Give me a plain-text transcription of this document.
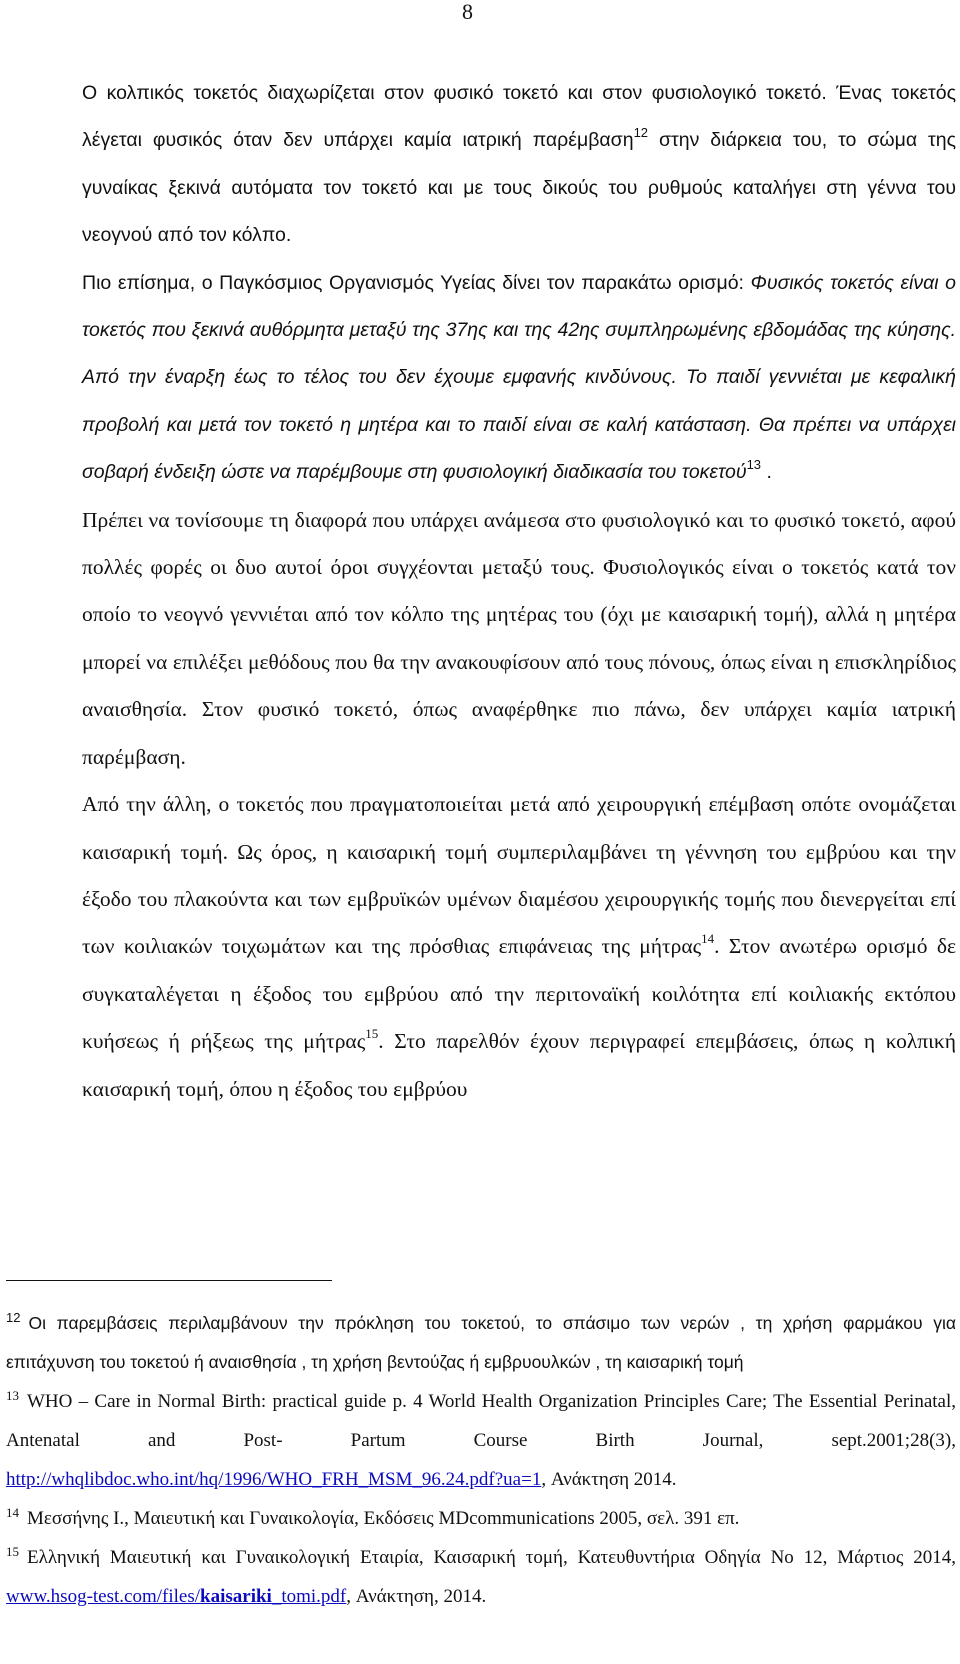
8

Ο κολπικός τοκετός διαχωρίζεται στον φυσικό τοκετό και στον φυσιολογικό τοκετό. Ένας τοκετός λέγεται φυσικός όταν δεν υπάρχει καμία ιατρική παρέμβαση$^{12}$ στην διάρκεια του, το σώμα της γυναίκας ξεκινά αυτόματα τον τοκετό και με τους δικούς του ρυθμούς καταλήγει στη γέννα του νεογνού από τον κόλπο.

Πιο επίσημα, ο Παγκόσμιος Οργανισμός Υγείας δίνει τον παρακάτω ορισμό: Φυσικός τοκετός είναι ο τοκετός που ξεκινά αυθόρμητα μεταξύ της 37ης και της 42ης συμπληρωμένης εβδομάδας της κύησης. Από την έναρξη έως το τέλος του δεν έχουμε εμφανής κινδύνους. Το παιδί γεννιέται με κεφαλική προβολή και μετά τον τοκετό η μητέρα και το παιδί είναι σε καλή κατάσταση. Θα πρέπει να υπάρχει σοβαρή ένδειξη ώστε να παρέμβουμε στη φυσιολογική διαδικασία του τοκετού$^{13}$ .

Πρέπει να τονίσουμε τη διαφορά που υπάρχει ανάμεσα στο φυσιολογικό και το φυσικό τοκετό, αφού πολλές φορές οι δυο αυτοί όροι συγχέονται μεταξύ τους. Φυσιολογικός είναι ο τοκετός κατά τον οποίο το νεογνό γεννιέται από τον κόλπο της μητέρας του (όχι με καισαρική τομή), αλλά η μητέρα μπορεί να επιλέξει μεθόδους που θα την ανακουφίσουν από τους πόνους, όπως είναι η επισκληρίδιος αναισθησία. Στον φυσικό τοκετό, όπως αναφέρθηκε πιο πάνω, δεν υπάρχει καμία ιατρική παρέμβαση.

Από την άλλη, ο τοκετός που πραγματοποιείται μετά από χειρουργική επέμβαση οπότε ονομάζεται καισαρική τομή. Ως όρος, η καισαρική τομή συμπεριλαμβάνει τη γέννηση του εμβρύου και την έξοδο του πλακούντα και των εμβρυϊκών υμένων διαμέσου χειρουργικής τομής που διενεργείται επί των κοιλιακών τοιχωμάτων και της πρόσθιας επιφάνειας της μήτρας$^{14}$. Στον ανωτέρω ορισμό δε συγκαταλέγεται η έξοδος του εμβρύου από την περιτοναϊκή κοιλότητα επί κοιλιακής εκτόπου κυήσεως ή ρήξεως της μήτρας$^{15}$. Στο παρελθόν έχουν περιγραφεί επεμβάσεις, όπως η κολπική καισαρική τομή, όπου η έξοδος του εμβρύου

$^{12}$ Οι παρεμβάσεις περιλαμβάνουν την πρόκληση του τοκετού, το σπάσιμο των νερών , τη χρήση φαρμάκου για επιτάχυνση του τοκετού ή αναισθησία , τη χρήση βεντούζας ή εμβρυουλκών , τη καισαρική τομή

$^{13}$ WHO – Care in Normal Birth: practical guide p. 4 World Health Organization Principles Care; The Essential Perinatal, Antenatal and Post- Partum Course Birth Journal, sept.2001;28(3), http://whqlibdoc.who.int/hq/1996/WHO_FRH_MSM_96.24.pdf?ua=1, Ανάκτηση 2014.

$^{14}$ Μεσσήνης Ι., Μαιευτική και Γυναικολογία, Εκδόσεις MDcommunications 2005, σελ. 391 επ.

$^{15}$ Ελληνική Μαιευτική και Γυναικολογική Εταιρία, Καισαρική τομή, Κατευθυντήρια Οδηγία Νο 12, Μάρτιος 2014, www.hsog-test.com/files/kaisariki_tomi.pdf, Ανάκτηση, 2014.
